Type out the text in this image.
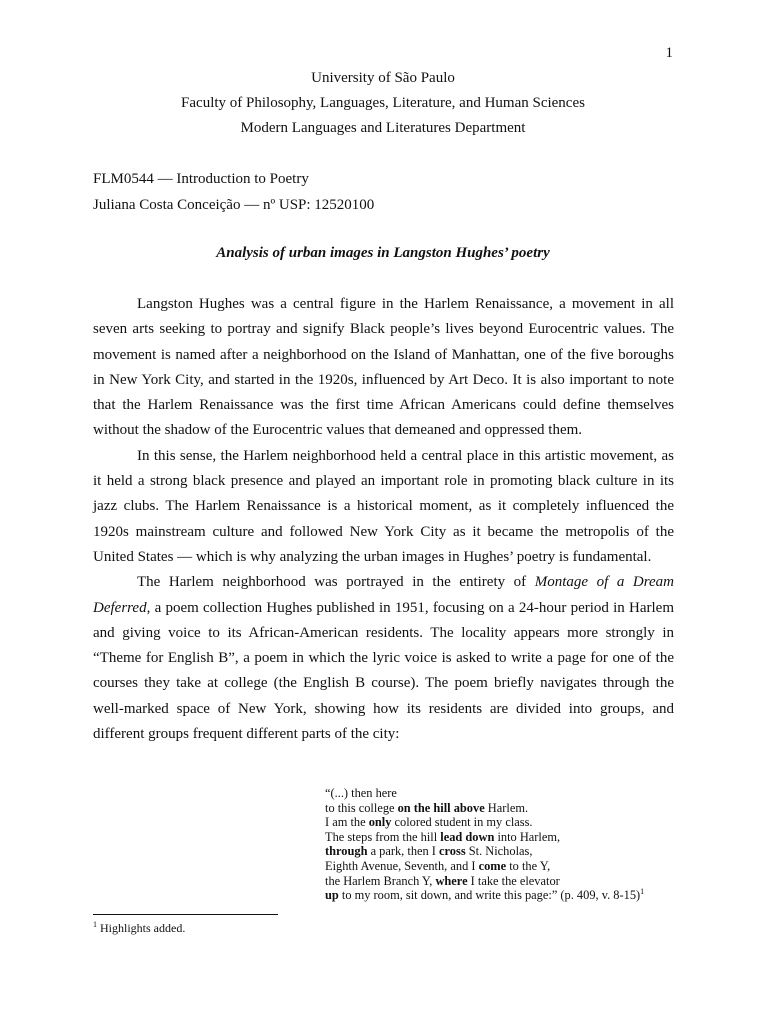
1
University of São Paulo
Faculty of Philosophy, Languages, Literature, and Human Sciences
Modern Languages and Literatures Department
FLM0544 — Introduction to Poetry
Juliana Costa Conceição — nº USP: 12520100
Analysis of urban images in Langston Hughes’ poetry

Langston Hughes was a central figure in the Harlem Renaissance, a movement in all seven arts seeking to portray and signify Black people’s lives beyond Eurocentric values. The movement is named after a neighborhood on the Island of Manhattan, one of the five boroughs in New York City, and started in the 1920s, influenced by Art Deco. It is also important to note that the Harlem Renaissance was the first time African Americans could define themselves without the shadow of the Eurocentric values that demeaned and oppressed them.

In this sense, the Harlem neighborhood held a central place in this artistic movement, as it held a strong black presence and played an important role in promoting black culture in its jazz clubs. The Harlem Renaissance is a historical moment, as it completely influenced the 1920s mainstream culture and followed New York City as it became the metropolis of the United States — which is why analyzing the urban images in Hughes’ poetry is fundamental.

The Harlem neighborhood was portrayed in the entirety of Montage of a Dream Deferred, a poem collection Hughes published in 1951, focusing on a 24-hour period in Harlem and giving voice to its African-American residents. The locality appears more strongly in “Theme for English B”, a poem in which the lyric voice is asked to write a page for one of the courses they take at college (the English B course). The poem briefly navigates through the well-marked space of New York, showing how its residents are divided into groups, and different groups frequent different parts of the city:

“(...) then here
to this college on the hill above Harlem.
I am the only colored student in my class.
The steps from the hill lead down into Harlem,
through a park, then I cross St. Nicholas,
Eighth Avenue, Seventh, and I come to the Y,
the Harlem Branch Y, where I take the elevator
up to my room, sit down, and write this page:” (p. 409, v. 8-15)$^1$
$^1$ Highlights added.
